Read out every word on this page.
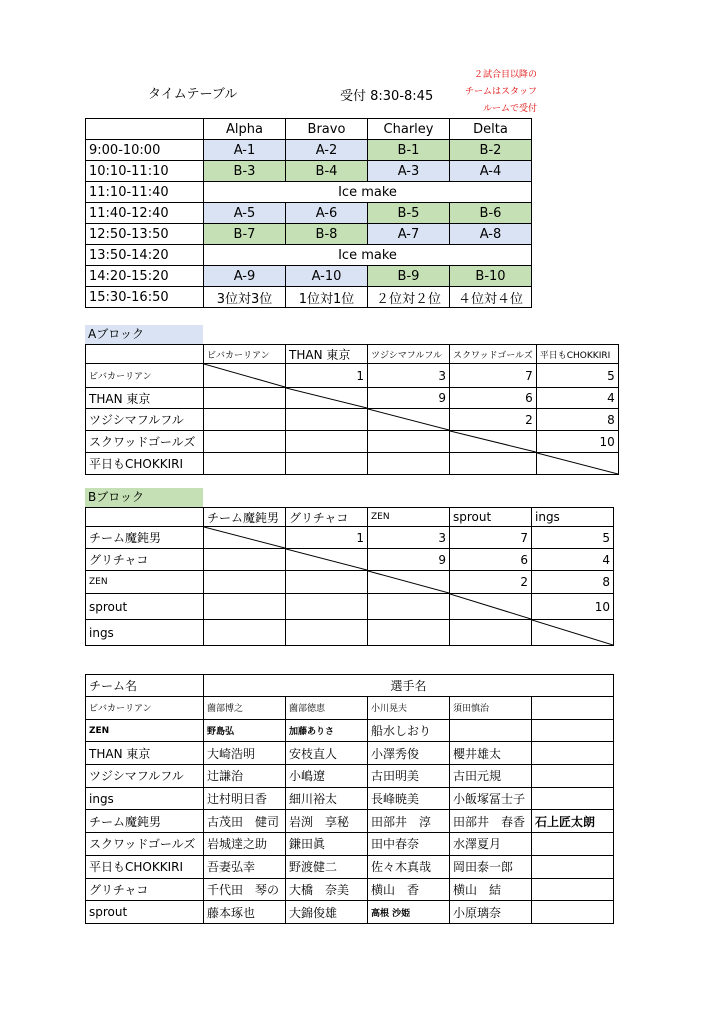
タイムテーブル	受付 8:30-8:45
２試合目以降の
チームはスタッフ
ルームで受付
	Alpha	Bravo	Charley	Delta
9:00-10:00	A-1	A-2	B-1	B-2
10:10-11:10	B-3	B-4	A-3	A-4
11:10-11:40	Ice make			
11:40-12:40	A-5	A-6	B-5	B-6
12:50-13:50	B-7	B-8	A-7	A-8
13:50-14:20	Ice make			
14:20-15:20	A-9	A-10	B-9	B-10
15:30-16:50	3位対3位	1位対1位	２位対２位	４位対４位
Aブロック
	ビバカーリアン	THAN 東京	ツジシマフルフル	スクワッドゴールズ	平日もCHOKKIRI
ビバカーリアン		1	3	7	5
THAN 東京			9	6	4
ツジシマフルフル				2	8
スクワッドゴールズ					10
平日もCHOKKIRI					
Bブロック
	チーム魔鈍男	グリチャコ	ZEN	sprout	ings
チーム魔鈍男		1	3	7	5
グリチャコ			9	6	4
ZEN				2	8
sprout					10
ings					
チーム名	選手名				
ビバカーリアン	薗部博之	薗部徳恵	小川晃夫	須田慎治	
ZEN	野島弘	加藤ありさ	船水しおり		
THAN 東京	大崎浩明	安枝直人	小澤秀俊	櫻井雄太	
ツジシマフルフル	辻謙治	小嶋遼	古田明美	古田元規	
ings	辻村明日香	細川裕太	長峰暁美	小飯塚冨士子	
チーム魔鈍男	古茂田　健司	岩渕　享秘	田部井　淳	田部井　春香	石上匠太朗
スクワッドゴールズ	岩城達之助	鎌田眞	田中春奈	水澤夏月	
平日もCHOKKIRI	吾妻弘幸	野渡健二	佐々木真哉	岡田泰一郎	
グリチャコ	千代田　琴の	大橋　奈美	横山　香	横山　結	
sprout	藤本琢也	大錦俊雄	高根 沙姫	小原璃奈	
